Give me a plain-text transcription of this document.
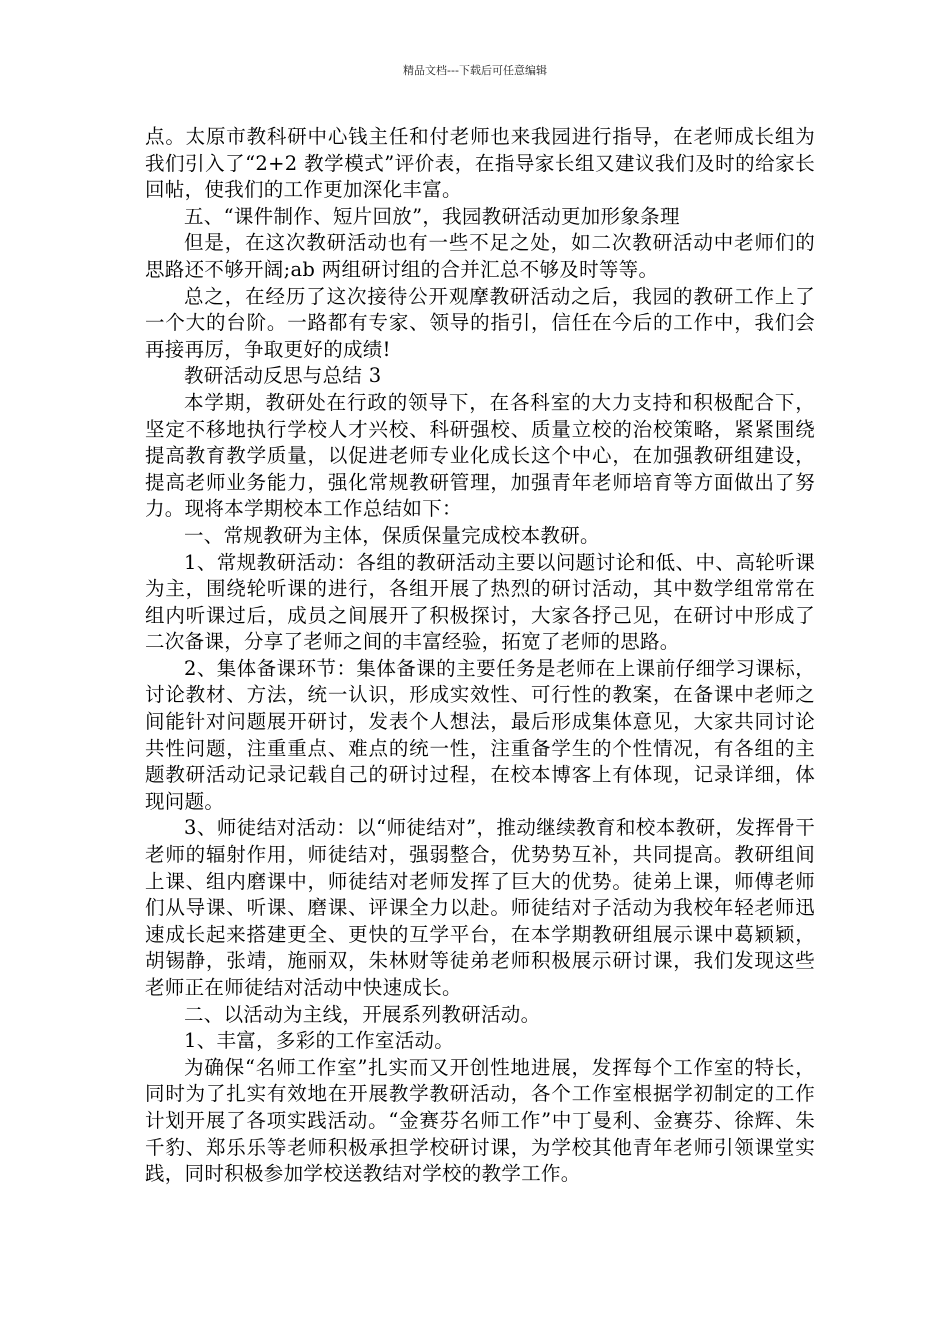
精品文档---下载后可任意编辑

点。太原市教科研中心钱主任和付老师也来我园进行指导，在老师成长组为我们引入了“2+2 教学模式”评价表，在指导家长组又建议我们及时的给家长回帖，使我们的工作更加深化丰富。

五、“课件制作、短片回放”，我园教研活动更加形象条理

但是，在这次教研活动也有一些不足之处，如二次教研活动中老师们的思路还不够开阔;ab 两组研讨组的合并汇总不够及时等等。

总之，在经历了这次接待公开观摩教研活动之后，我园的教研工作上了一个大的台阶。一路都有专家、领导的指引，信任在今后的工作中，我们会再接再厉，争取更好的成绩!

教研活动反思与总结 3

本学期，教研处在行政的领导下，在各科室的大力支持和积极配合下，坚定不移地执行学校人才兴校、科研强校、质量立校的治校策略，紧紧围绕提高教育教学质量，以促进老师专业化成长这个中心，在加强教研组建设，提高老师业务能力，强化常规教研管理，加强青年老师培育等方面做出了努力。现将本学期校本工作总结如下：

一、常规教研为主体，保质保量完成校本教研。

1、常规教研活动：各组的教研活动主要以问题讨论和低、中、高轮听课为主，围绕轮听课的进行，各组开展了热烈的研讨活动，其中数学组常常在组内听课过后，成员之间展开了积极探讨，大家各抒己见，在研讨中形成了二次备课，分享了老师之间的丰富经验，拓宽了老师的思路。

2、集体备课环节：集体备课的主要任务是老师在上课前仔细学习课标，讨论教材、方法，统一认识，形成实效性、可行性的教案，在备课中老师之间能针对问题展开研讨，发表个人想法，最后形成集体意见，大家共同讨论共性问题，注重重点、难点的统一性，注重备学生的个性情况，有各组的主题教研活动记录记载自己的研讨过程，在校本博客上有体现，记录详细，体现问题。

3、师徒结对活动：以“师徒结对”，推动继续教育和校本教研，发挥骨干老师的辐射作用，师徒结对，强弱整合，优势势互补，共同提高。教研组间上课、组内磨课中，师徒结对老师发挥了巨大的优势。徒弟上课，师傅老师们从导课、听课、磨课、评课全力以赴。师徒结对子活动为我校年轻老师迅速成长起来搭建更全、更快的互学平台，在本学期教研组展示课中葛颖颖，胡锡静，张靖，施丽双，朱林财等徒弟老师积极展示研讨课，我们发现这些老师正在师徒结对活动中快速成长。

二、以活动为主线，开展系列教研活动。

1、丰富，多彩的工作室活动。

为确保“名师工作室”扎实而又开创性地进展，发挥每个工作室的特长，同时为了扎实有效地在开展教学教研活动，各个工作室根据学初制定的工作计划开展了各项实践活动。“金赛芬名师工作”中丁曼利、金赛芬、徐辉、朱千豹、郑乐乐等老师积极承担学校研讨课，为学校其他青年老师引领课堂实践，同时积极参加学校送教结对学校的教学工作。
